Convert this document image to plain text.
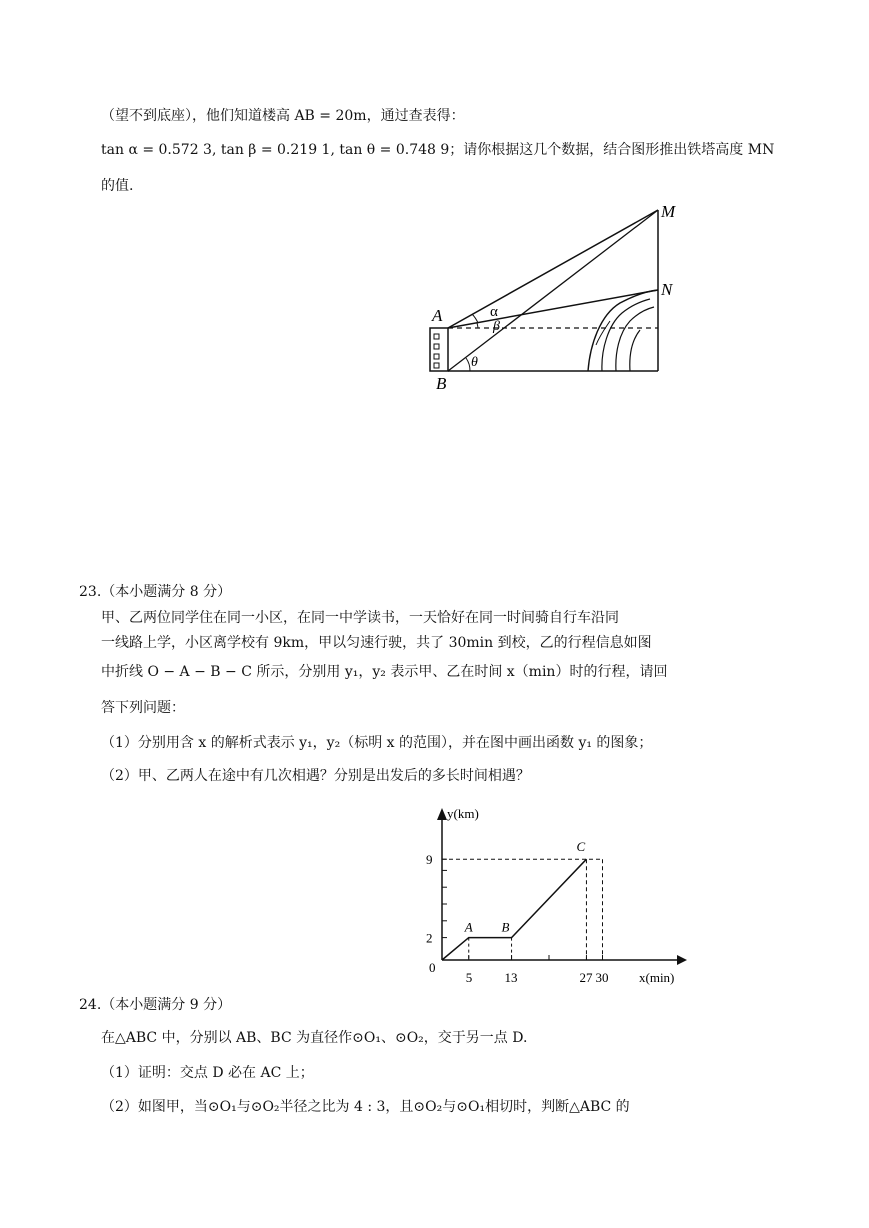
（望不到底座），他们知道楼高 AB = 20m，通过查表得：
tan α = 0.572 3, tan β = 0.219 1, tan θ = 0.748 9；请你根据这几个数据，结合图形推出铁塔高度 MN
的值.
M
N
A
B
α
β
θ
23.（本小题满分 8 分）
甲、乙两位同学住在同一小区，在同一中学读书，一天恰好在同一时间骑自行车沿同
一线路上学，小区离学校有 9km，甲以匀速行驶，共了 30min 到校，乙的行程信息如图
中折线 O − A − B − C 所示，分别用 y₁，y₂ 表示甲、乙在时间 x（min）时的行程，请回
答下列问题：
（1）分别用含 x 的解析式表示 y₁，y₂（标明 x 的范围），并在图中画出函数 y₁ 的图象；
（2）甲、乙两人在途中有几次相遇？分别是出发后的多长时间相遇？
A B
C
0
5 13	27 30
2
9
x(min)
y(km)
24.（本小题满分 9 分）
在△ABC 中，分别以 AB、BC 为直径作⊙O₁、⊙O₂，交于另一点 D.
（1）证明：交点 D 必在 AC 上；
（2）如图甲，当⊙O₁与⊙O₂半径之比为 4 : 3，且⊙O₂与⊙O₁相切时，判断△ABC 的
